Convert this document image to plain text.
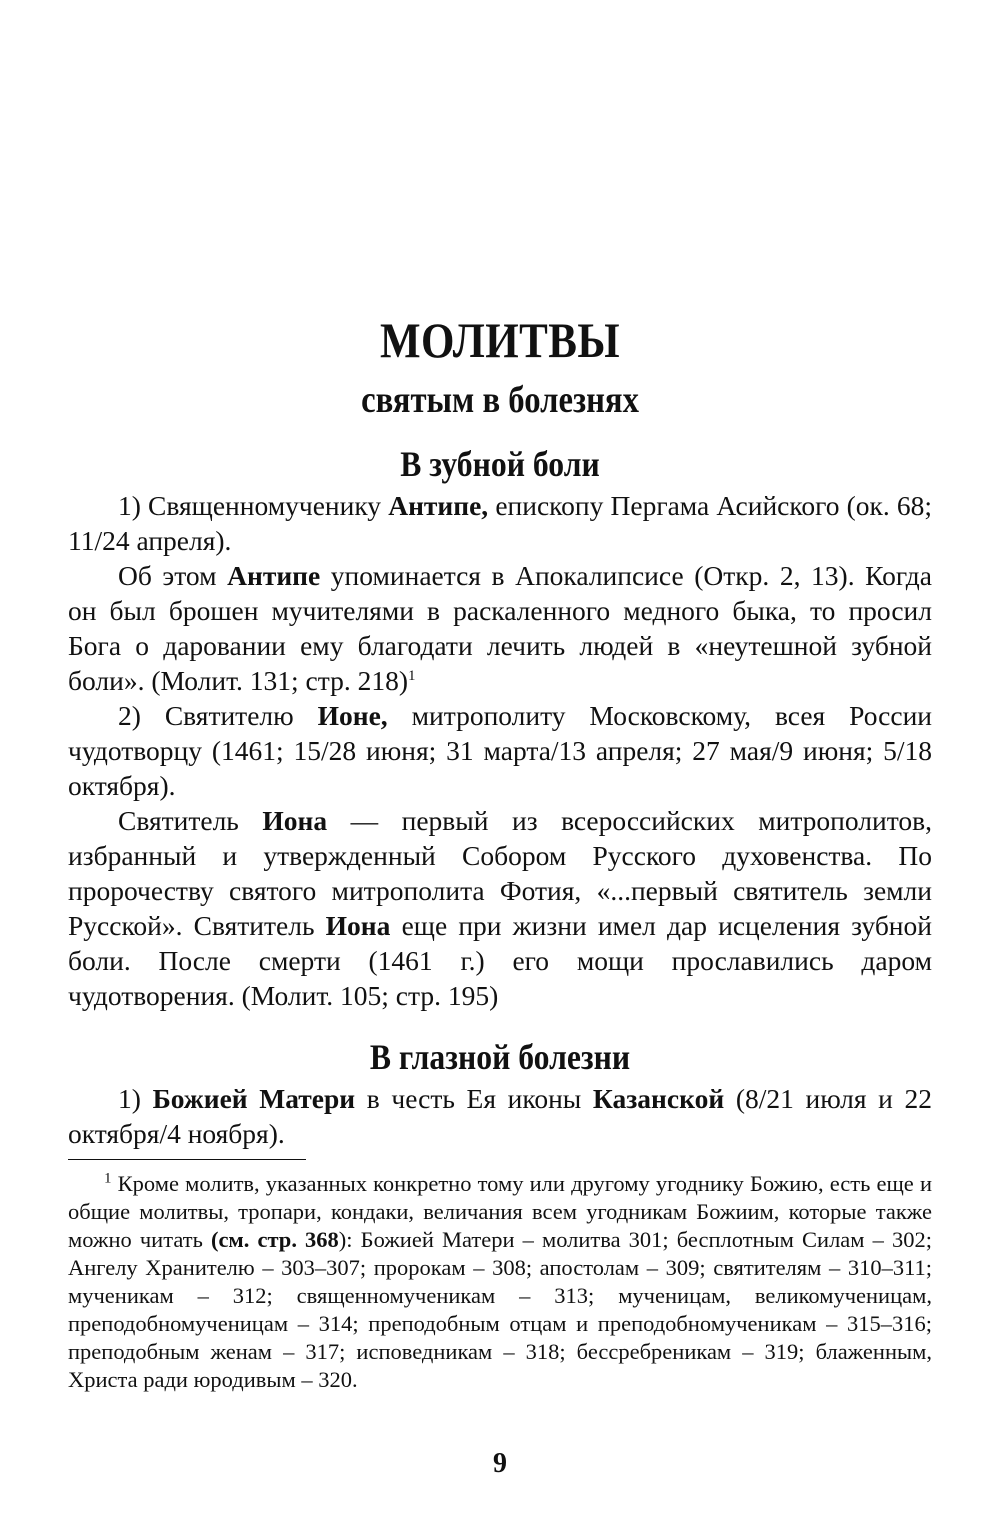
МОЛИТВЫ
святым в болезнях
В зубной боли

1) Священномученику Антипе, епископу Пергама Асийского (ок. 68; 11/24 апреля).

Об этом Антипе упоминается в Апокалипсисе (Откр. 2, 13). Когда он был брошен мучителями в раскаленного медного быка, то просил Бога о даровании ему благодати лечить людей в «неутешной зубной боли». (Молит. 131; стр. 218)$^1$

2) Святителю Ионе, митрополиту Московскому, всея России чудотворцу (1461; 15/28 июня; 31 марта/13 апреля; 27 мая/9 июня; 5/18 октября).

Святитель Иона — первый из всероссийских митрополитов, избранный и утвержденный Собором Русского духовенства. По пророчеству святого митрополита Фотия, «...первый святитель земли Русской». Святитель Иона еще при жизни имел дар исцеления зубной боли. После смерти (1461 г.) его мощи прославились даром чудотворения. (Молит. 105; стр. 195)

В глазной болезни

1) Божией Матери в честь Ея иконы Казанской (8/21 июля и 22 октября/4 ноября).

$^1$ Кроме молитв, указанных конкретно тому или другому угоднику Божию, есть еще и общие молитвы, тропари, кондаки, величания всем угодникам Божиим, которые также можно читать (см. стр. 368): Божией Матери – молитва 301; бесплотным Силам – 302; Ангелу Хранителю – 303–307; пророкам – 308; апостолам – 309; святителям – 310–311; мученикам – 312; священномученикам – 313; мученицам, великомученицам, преподобномученицам – 314; преподобным отцам и преподобномученикам – 315–316; преподобным женам – 317; исповедникам – 318; бессребреникам – 319; блаженным, Христа ради юродивым – 320.

9
